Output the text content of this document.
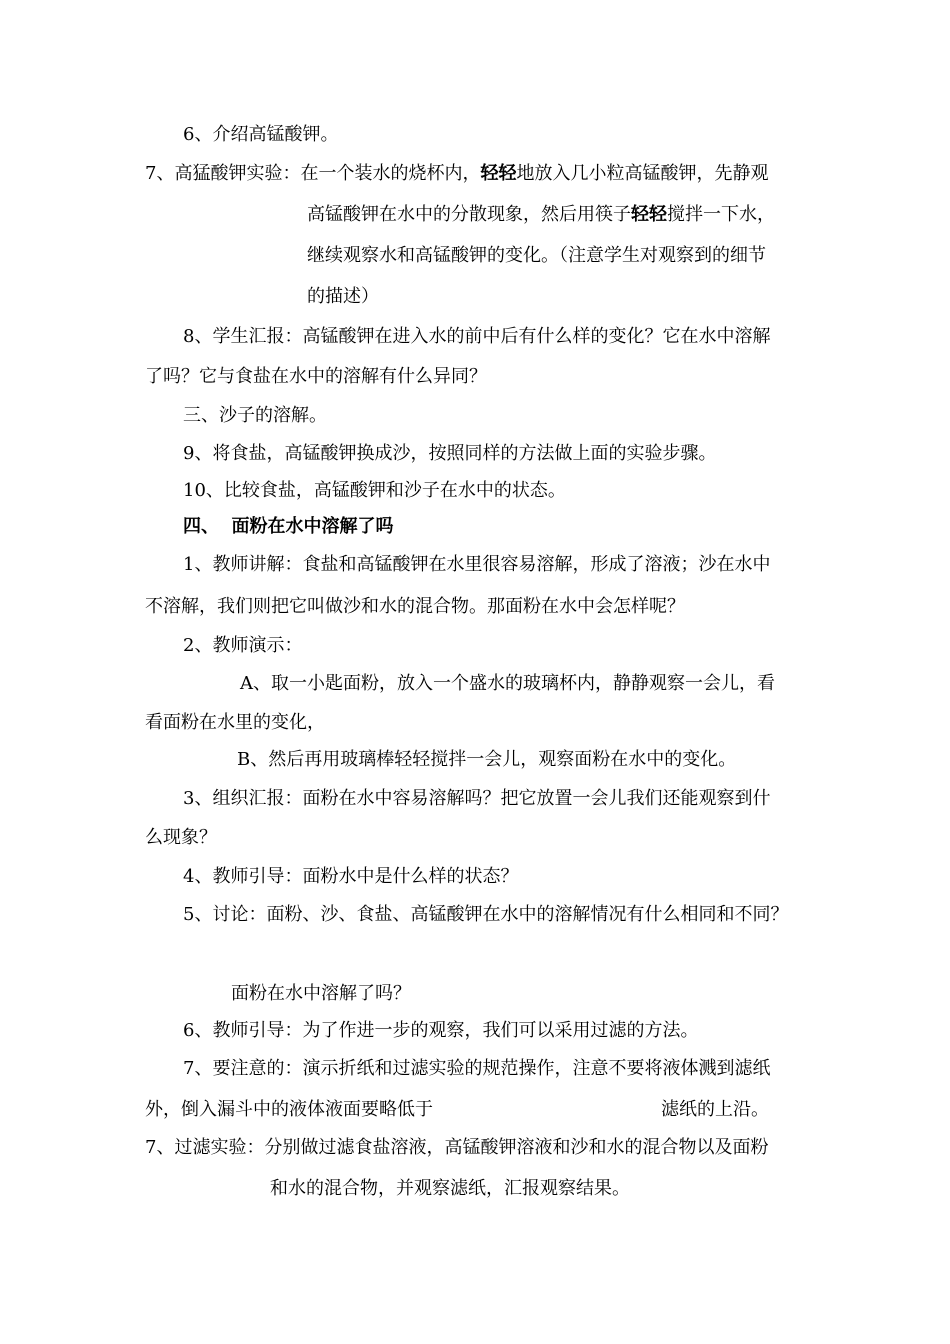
6、介绍高锰酸钾。
7、高猛酸钾实验：在一个装水的烧杯内，轻轻地放入几小粒高锰酸钾，先静观
高锰酸钾在水中的分散现象，然后用筷子轻轻搅拌一下水，
继续观察水和高锰酸钾的变化。（注意学生对观察到的细节
的描述）
8、学生汇报：高锰酸钾在进入水的前中后有什么样的变化？它在水中溶解
了吗？它与食盐在水中的溶解有什么异同？
三、沙子的溶解。
9、将食盐，高锰酸钾换成沙，按照同样的方法做上面的实验步骤。
10、比较食盐，高锰酸钾和沙子在水中的状态。
四、  面粉在水中溶解了吗
1、教师讲解：食盐和高锰酸钾在水里很容易溶解，形成了溶液；沙在水中
不溶解，我们则把它叫做沙和水的混合物。那面粉在水中会怎样呢？
2、教师演示：
A、取一小匙面粉，放入一个盛水的玻璃杯内，静静观察一会儿，看
看面粉在水里的变化，
B、然后再用玻璃棒轻轻搅拌一会儿，观察面粉在水中的变化。
3、组织汇报：面粉在水中容易溶解吗？把它放置一会儿我们还能观察到什
么现象？
4、教师引导：面粉水中是什么样的状态？
5、讨论：面粉、沙、食盐、高锰酸钾在水中的溶解情况有什么相同和不同？
面粉在水中溶解了吗？
6、教师引导：为了作进一步的观察，我们可以采用过滤的方法。
7、要注意的：演示折纸和过滤实验的规范操作，注意不要将液体溅到滤纸
外，倒入漏斗中的液体液面要略低于	滤纸的上沿。
7、过滤实验：分别做过滤食盐溶液，高锰酸钾溶液和沙和水的混合物以及面粉
和水的混合物，并观察滤纸，汇报观察结果。
